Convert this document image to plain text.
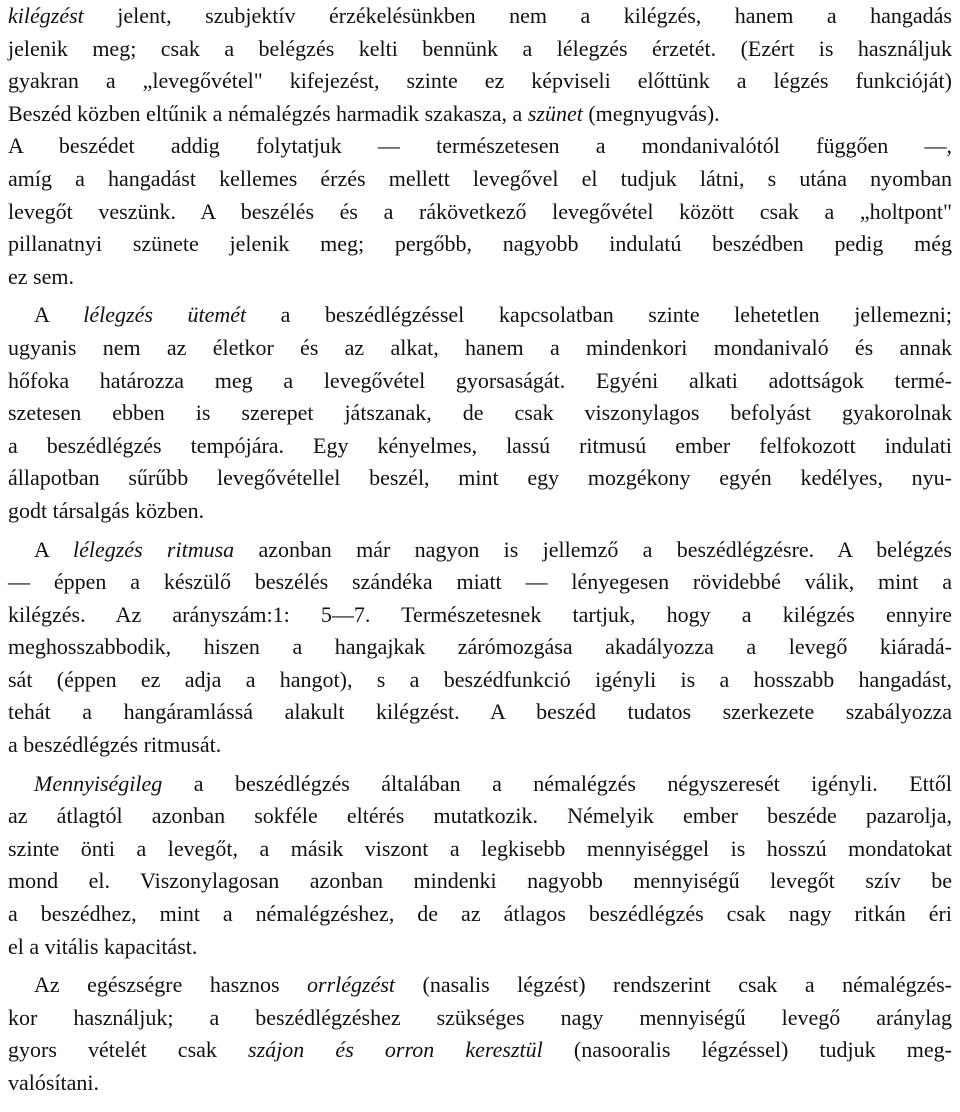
kilégzést jelent, szubjektív érzékelésünkben nem a kilégzés, hanem a hangadás
jelenik meg; csak a belégzés kelti bennünk a lélegzés érzetét. (Ezért is használjuk
gyakran a „levegővétel" kifejezést, szinte ez képviseli előttünk a légzés funkcióját)
Beszéd közben eltűnik a némalégzés harmadik szakasza, a szünet (megnyugvás).
A beszédet addig folytatjuk — természetesen a mondanivalótól függően —,
amíg a hangadást kellemes érzés mellett levegővel el tudjuk látni, s utána nyomban
levegőt veszünk. A beszélés és a rákövetkező levegővétel között csak a „holtpont"
pillanatnyi szünete jelenik meg; pergőbb, nagyobb indulatú beszédben pedig még
ez sem.
A lélegzés ütemét a beszédlégzéssel kapcsolatban szinte lehetetlen jellemezni;
ugyanis nem az életkor és az alkat, hanem a mindenkori mondanivaló és annak
hőfoka határozza meg a levegővétel gyorsaságát. Egyéni alkati adottságok termé-
szetesen ebben is szerepet játszanak, de csak viszonylagos befolyást gyakorolnak
a beszédlégzés tempójára. Egy kényelmes, lassú ritmusú ember felfokozott indulati
állapotban sűrűbb levegővétellel beszél, mint egy mozgékony egyén kedélyes, nyu-
godt társalgás közben.
A lélegzés ritmusa azonban már nagyon is jellemző a beszédlégzésre. A belégzés
— éppen a készülő beszélés szándéka miatt — lényegesen rövidebbé válik, mint a
kilégzés. Az arányszám:1: 5—7. Természetesnek tartjuk, hogy a kilégzés ennyire
meghosszabbodik, hiszen a hangajkak zárómozgása akadályozza a levegő kiáradá-
sát (éppen ez adja a hangot), s a beszédfunkció igényli is a hosszabb hangadást,
tehát a hangáramlássá alakult kilégzést. A beszéd tudatos szerkezete szabályozza
a beszédlégzés ritmusát.
Mennyiségileg a beszédlégzés általában a némalégzés négyszeresét igényli. Ettől
az átlagtól azonban sokféle eltérés mutatkozik. Némelyik ember beszéde pazarolja,
szinte önti a levegőt, a másik viszont a legkisebb mennyiséggel is hosszú mondatokat
mond el. Viszonylagosan azonban mindenki nagyobb mennyiségű levegőt szív be
a beszédhez, mint a némalégzéshez, de az átlagos beszédlégzés csak nagy ritkán éri
el a vitális kapacitást.
Az egészségre hasznos orrlégzést (nasalis légzést) rendszerint csak a némalégzés-
kor használjuk; a beszédlégzéshez szükséges nagy mennyiségű levegő aránylag
gyors vételét csak szájon és orron keresztül (nasooralis légzéssel) tudjuk meg-
valósítani.
